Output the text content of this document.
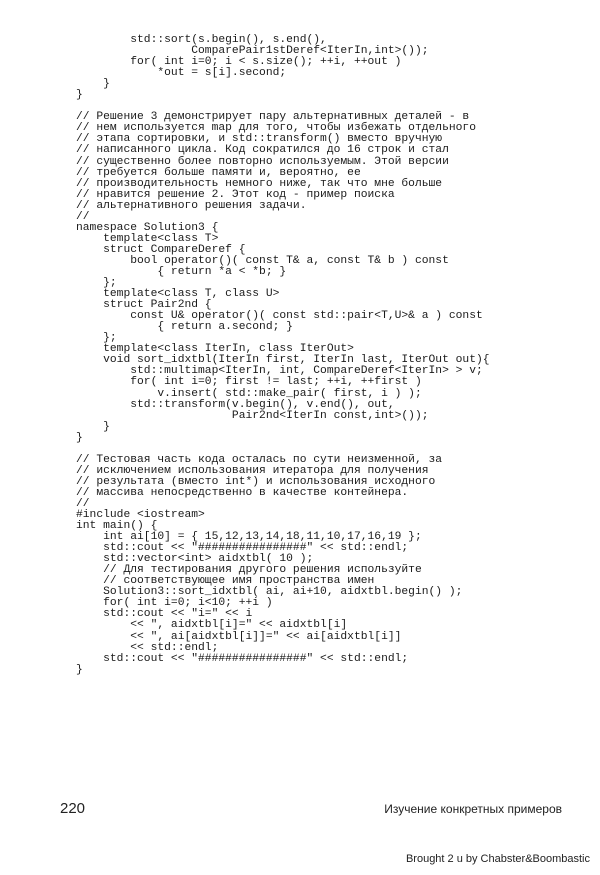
std::sort(s.begin(), s.end(),
ComparePair1stDeref<IterIn,int>());
for( int i=0; i < s.size(); ++i, ++out )
*out = s[i].second;
}
}

// Решение 3 демонстрирует пару альтернативных деталей - в
// нем используется map для того, чтобы избежать отдельного
// этапа сортировки, и std::transform() вместо вручную
// написанного цикла. Код сократился до 16 строк и стал
// существенно более повторно используемым. Этой версии
// требуется больше памяти и, вероятно, ее
// производительность немного ниже, так что мне больше
// нравится решение 2. Этот код - пример поиска
// альтернативного решения задачи.
//
namespace Solution3 {
template<class T>
struct CompareDeref {
bool operator()( const T& a, const T& b ) const
{ return *a < *b; }
};
template<class T, class U>
struct Pair2nd {
const U& operator()( const std::pair<T,U>& a ) const
{ return a.second; }
};
template<class IterIn, class IterOut>
void sort_idxtbl(IterIn first, IterIn last, IterOut out){
std::multimap<IterIn, int, CompareDeref<IterIn> > v;
for( int i=0; first != last; ++i, ++first )
v.insert( std::make_pair( first, i ) );
std::transform(v.begin(), v.end(), out,
Pair2nd<IterIn const,int>());
}
}

// Тестовая часть кода осталась по сути неизменной, за
// исключением использования итератора для получения
// результата (вместо int*) и использования исходного
// массива непосредственно в качестве контейнера.
//
#include <iostream>
int main() {
int ai[10] = { 15,12,13,14,18,11,10,17,16,19 };
std::cout << "################" << std::endl;
std::vector<int> aidxtbl( 10 );
// Для тестирования другого решения используйте
// соответствующее имя пространства имен
Solution3::sort_idxtbl( ai, ai+10, aidxtbl.begin() );
for( int i=0; i<10; ++i )
std::cout << "i=" << i
<< ", aidxtbl[i]=" << aidxtbl[i]
<< ", ai[aidxtbl[i]]=" << ai[aidxtbl[i]]
<< std::endl;
std::cout << "################" << std::endl;
}
220	Изучение конкретных примеров
Brought 2 u by Chabster&Boombastic
